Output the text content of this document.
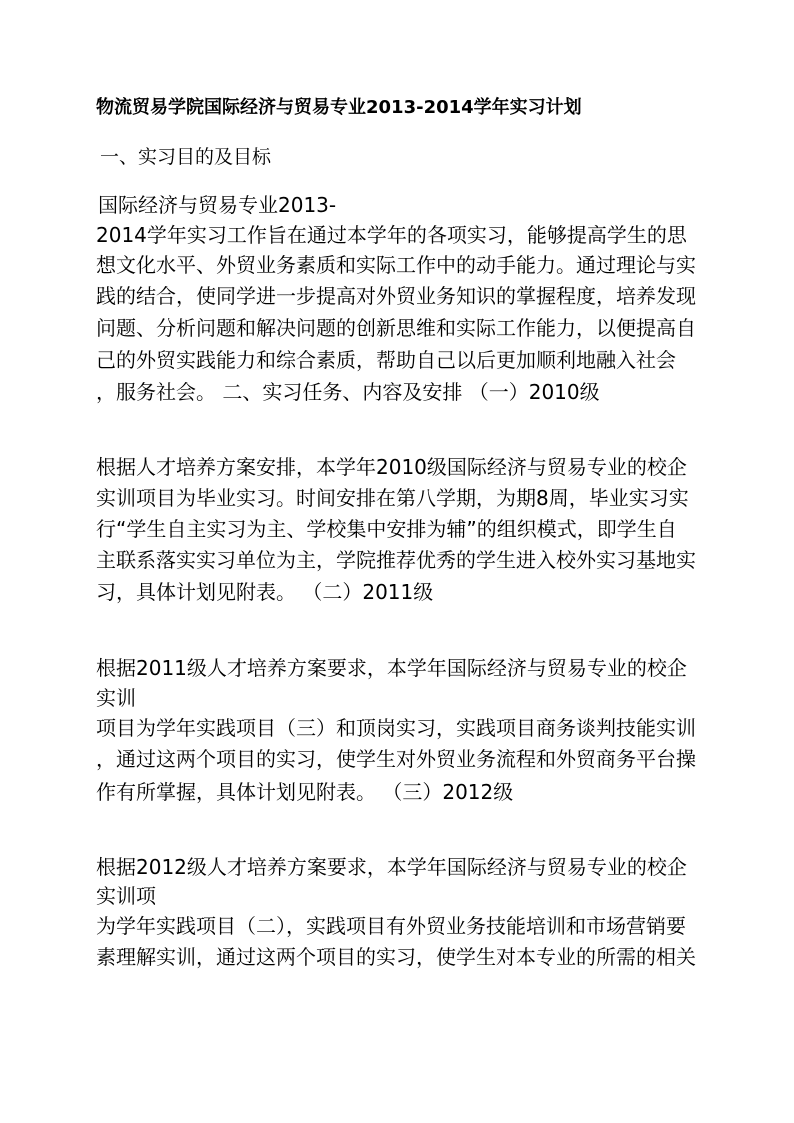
物流贸易学院国际经济与贸易专业2013-2014学年实习计划
一、实习目的及目标
国际经济与贸易专业2013-
2014学年实习工作旨在通过本学年的各项实习，能够提高学生的思
想文化水平、外贸业务素质和实际工作中的动手能力。通过理论与实
践的结合，使同学进一步提高对外贸业务知识的掌握程度，培养发现
问题、分析问题和解决问题的创新思维和实际工作能力，以便提高自
己的外贸实践能力和综合素质，帮助自己以后更加顺利地融入社会
，服务社会。 二、实习任务、内容及安排 （一）2010级
根据人才培养方案安排，本学年2010级国际经济与贸易专业的校企
实训项目为毕业实习。时间安排在第八学期，为期8周，毕业实习实
行“学生自主实习为主、学校集中安排为辅”的组织模式，即学生自
主联系落实实习单位为主，学院推荐优秀的学生进入校外实习基地实
习，具体计划见附表。 （二）2011级
根据2011级人才培养方案要求，本学年国际经济与贸易专业的校企
实训
项目为学年实践项目（三）和顶岗实习，实践项目商务谈判技能实训
，通过这两个项目的实习，使学生对外贸业务流程和外贸商务平台操
作有所掌握，具体计划见附表。 （三）2012级
根据2012级人才培养方案要求，本学年国际经济与贸易专业的校企
实训项
为学年实践项目（二），实践项目有外贸业务技能培训和市场营销要
素理解实训，通过这两个项目的实习，使学生对本专业的所需的相关
